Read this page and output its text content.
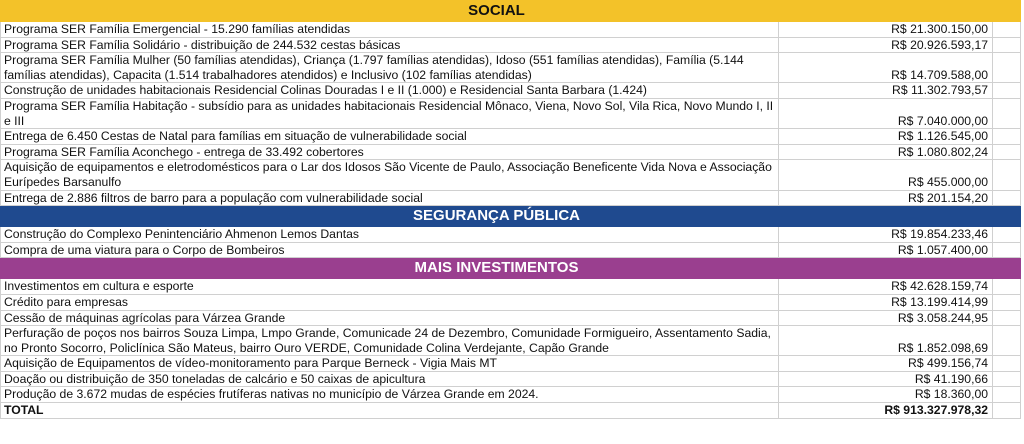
SOCIAL		
Programa SER Família Emergencial - 15.290 famílias atendidas	R$ 21.300.150,00	
Programa SER Família Solidário - distribuição de 244.532 cestas básicas	R$ 20.926.593,17	
Programa SER Família Mulher (50 famílias atendidas), Criança (1.797 famílias atendidas), Idoso (551 famílias atendidas), Família (5.144 famílias atendidas), Capacita (1.514 trabalhadores atendidos) e Inclusivo (102 famílias atendidas)	R$ 14.709.588,00	
Construção de unidades habitacionais Residencial Colinas Douradas I e II (1.000) e Residencial Santa Barbara (1.424)	R$ 11.302.793,57	
Programa SER Família Habitação - subsídio para as unidades habitacionais Residencial Mônaco, Viena, Novo Sol, Vila Rica, Novo Mundo I, II e III	R$ 7.040.000,00	
Entrega de 6.450 Cestas de Natal para famílias em situação de vulnerabilidade social	R$ 1.126.545,00	
Programa SER Família Aconchego - entrega de 33.492 cobertores	R$ 1.080.802,24	
Aquisição de equipamentos e eletrodomésticos para o Lar dos Idosos São Vicente de Paulo, Associação Beneficente Vida Nova e Associação Eurípedes Barsanulfo	R$ 455.000,00	
Entrega de 2.886 filtros de barro para a população com vulnerabilidade social	R$ 201.154,20	
SEGURANÇA PÚBLICA		
Construção do Complexo Penintenciário Ahmenon Lemos Dantas	R$ 19.854.233,46	
Compra de uma viatura para o Corpo de Bombeiros	R$ 1.057.400,00	
MAIS INVESTIMENTOS		
Investimentos em cultura e esporte	R$ 42.628.159,74	
Crédito para empresas	R$ 13.199.414,99	
Cessão de máquinas agrícolas para Várzea Grande	R$ 3.058.244,95	
Perfuração de poços nos bairros Souza Limpa, Lmpo Grande, Comunicade 24 de Dezembro, Comunidade Formigueiro, Assentamento Sadia, no Pronto Socorro, Policlínica São Mateus, bairro Ouro VERDE, Comunidade Colina Verdejante, Capão Grande	R$ 1.852.098,69	
Aquisição de Equipamentos de vídeo-monitoramento para Parque Berneck - Vigia Mais MT	R$ 499.156,74	
Doação ou distribuição de 350 toneladas de calcário e 50 caixas de apicultura	R$ 41.190,66	
Produção de 3.672 mudas de espécies frutíferas nativas no município de Várzea Grande em 2024.	R$ 18.360,00	
TOTAL	R$ 913.327.978,32	
